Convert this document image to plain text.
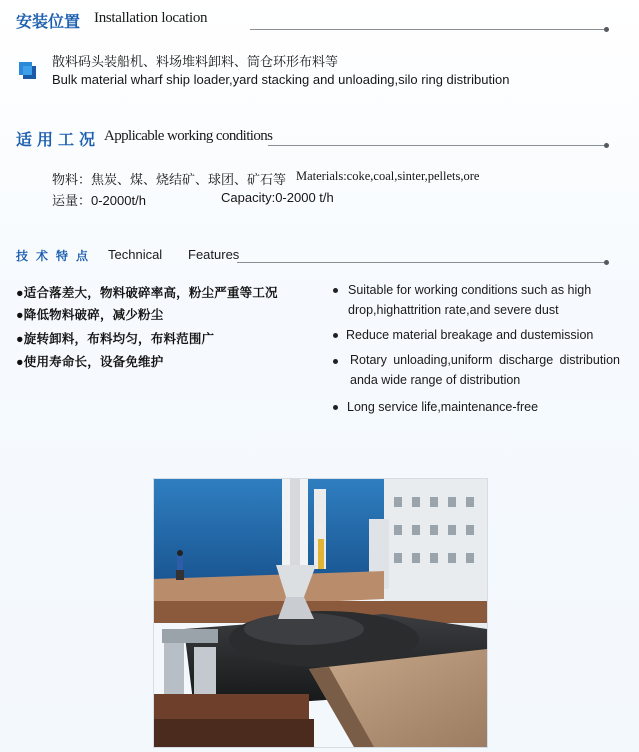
安装位置 Installation location
散料码头装船机、料场堆料卸料、筒仓环形布料等
Bulk material wharf ship loader,yard stacking and unloading,silo ring distribution
适用工况 Applicable working conditions
物料：焦炭、煤、烧结矿、球团、矿石等 Materials:coke,coal,sinter,pellets,ore
运量：0-2000t/h	Capacity:0-2000 t/h
技术特点 Technical Features
●适合落差大，物料破碎率高，粉尘严重等工况
●降低物料破碎，减少粉尘
●旋转卸料，布料均匀，布料范围广
●使用寿命长，设备免维护
Suitable for working conditions such as high drop,highattrition rate,and severe dust
Reduce material breakage and dustemission
Rotary unloading,uniform discharge distribution anda wide range of distribution
Long service life,maintenance-free
